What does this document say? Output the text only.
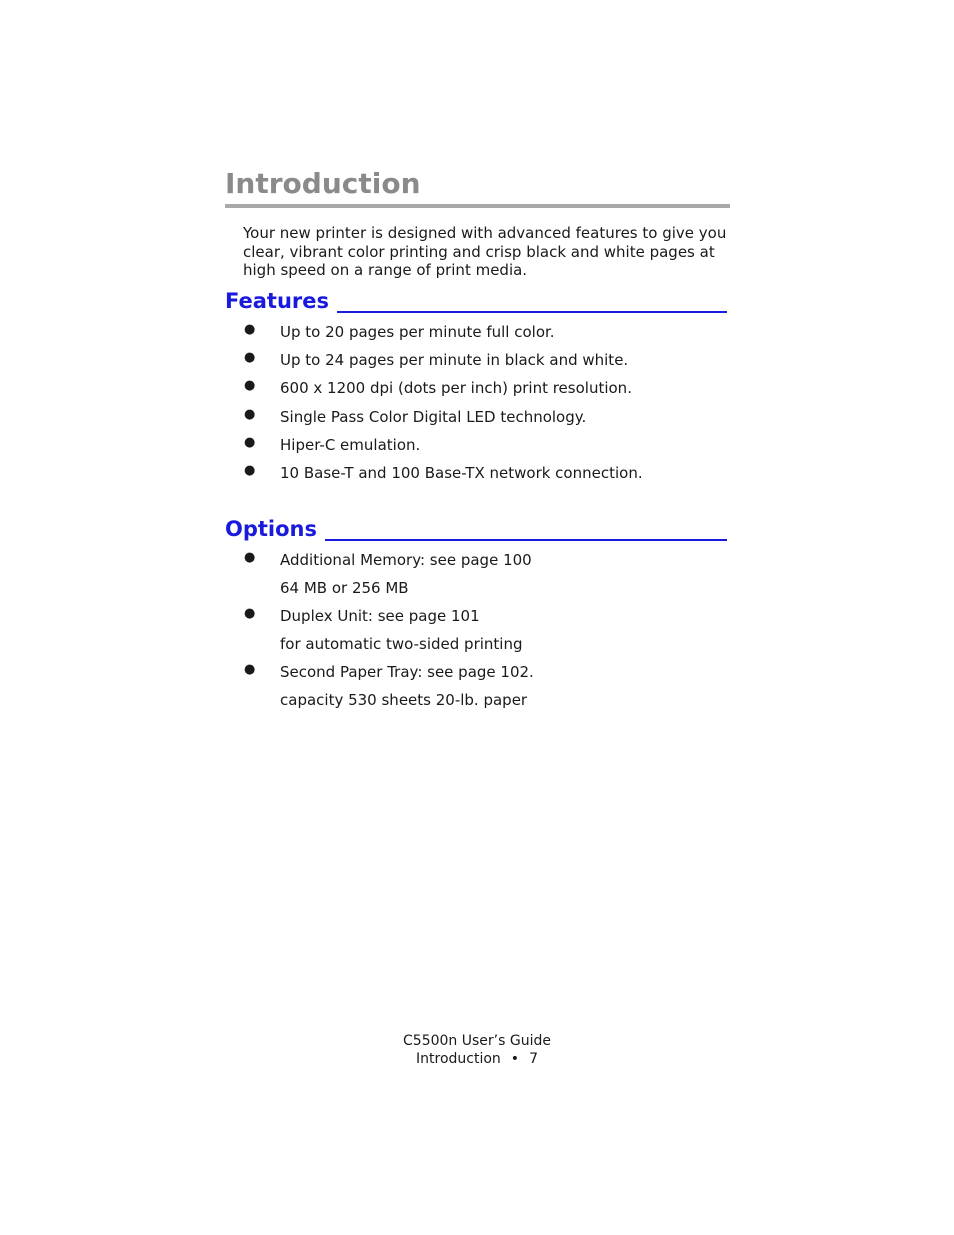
Introduction

Your new printer is designed with advanced features to give you clear, vibrant color printing and crisp black and white pages at high speed on a range of print media.

Features
● Up to 20 pages per minute full color.
● Up to 24 pages per minute in black and white.
● 600 x 1200 dpi (dots per inch) print resolution.
● Single Pass Color Digital LED technology.
● Hiper-C emulation.
● 10 Base-T and 100 Base-TX network connection.
Options
● Additional Memory: see page 100
64 MB or 256 MB
● Duplex Unit: see page 101
for automatic two-sided printing
● Second Paper Tray: see page 102.
capacity 530 sheets 20-lb. paper
C5500n User’s Guide
Introduction • 7
